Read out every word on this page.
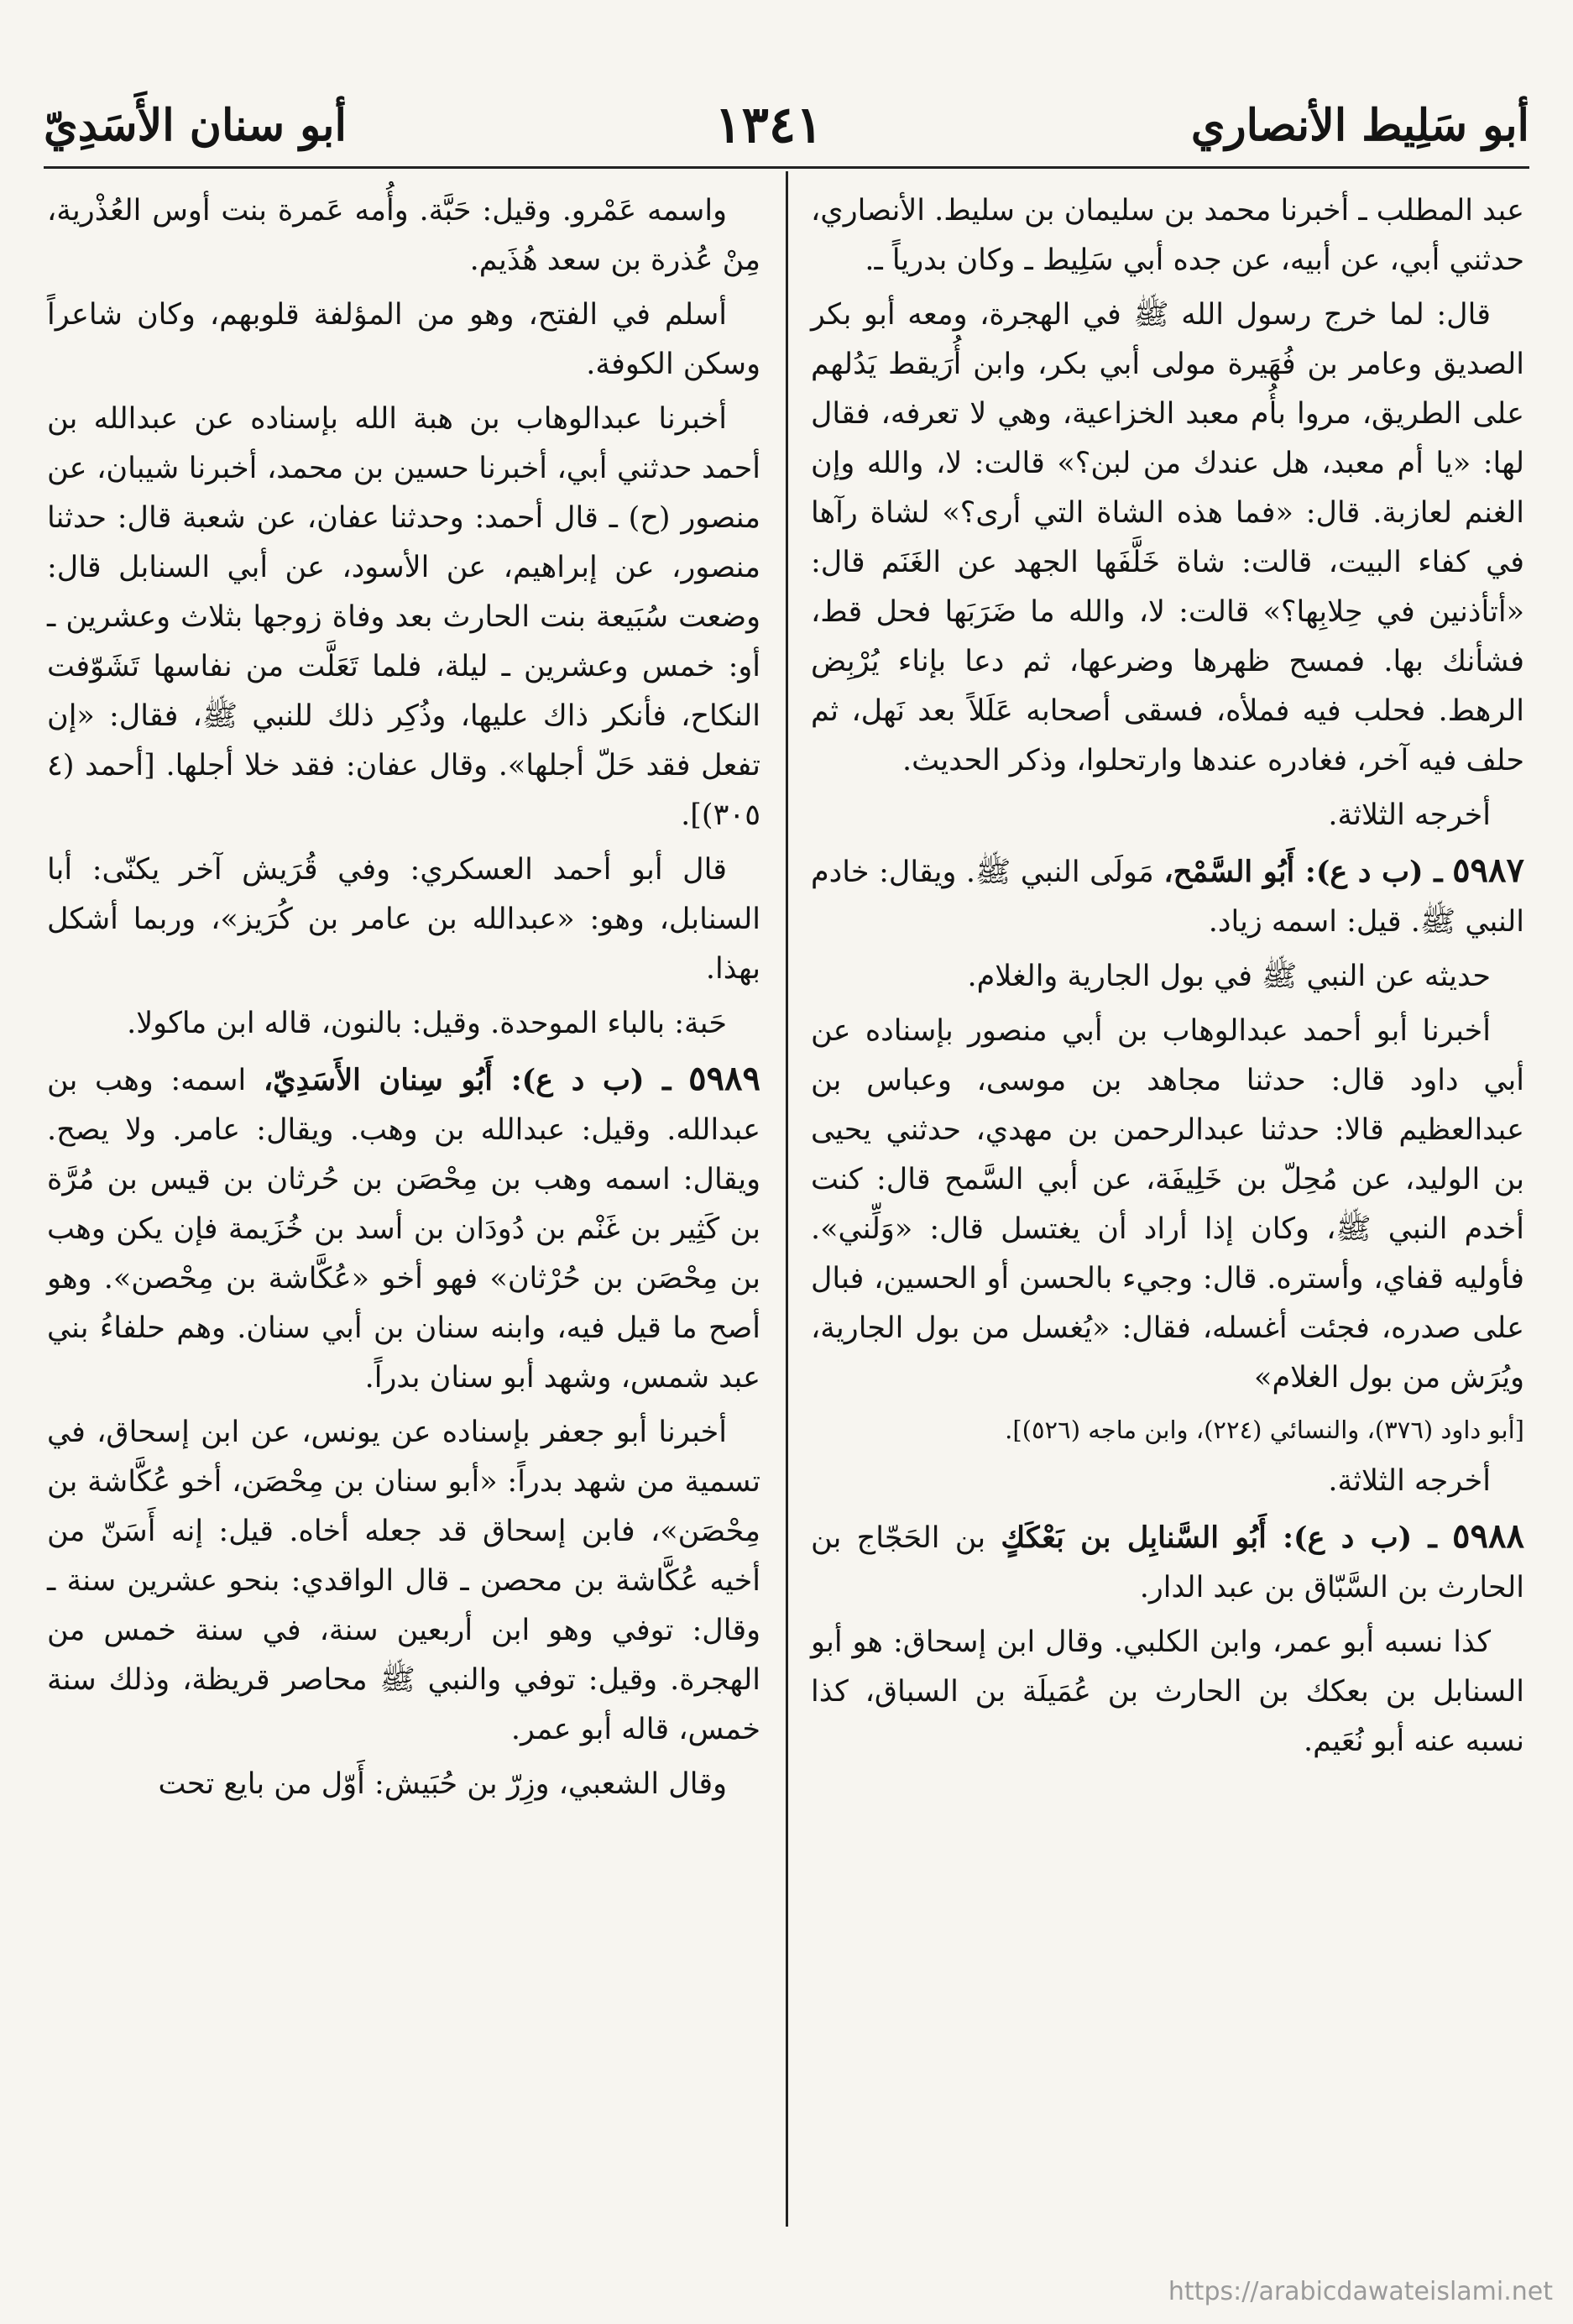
أبو سَلِيط الأنصاري
١٣٤١
أبو سنان الأَسَدِيّ

عبد المطلب ـ أخبرنا محمد بن سليمان بن سليط. الأنصاري، حدثني أبي، عن أبيه، عن جده أبي سَلِيط ـ وكان بدرياً ـ.

قال: لما خرج رسول الله ﷺ في الهجرة، ومعه أبو بكر الصديق وعامر بن فُهَيرة مولى أبي بكر، وابن أُرَيقط يَدُلهم على الطريق، مروا بأُم معبد الخزاعية، وهي لا تعرفه، فقال لها: «يا أم معبد، هل عندك من لبن؟» قالت: لا، والله وإن الغنم لعازبة. قال: «فما هذه الشاة التي أرى؟» لشاة رآها في كفاء البيت، قالت: شاة خَلَّفَها الجهد عن الغَنَم قال: «أتأذنين في حِلابِها؟» قالت: لا، والله ما ضَرَبَها فحل قط، فشأنك بها. فمسح ظهرها وضرعها، ثم دعا بإناء يُرْبِض الرهط. فحلب فيه فملأه، فسقى أصحابه عَلَلاً بعد نَهل، ثم حلف فيه آخر، فغادره عندها وارتحلوا، وذكر الحديث.

أخرجه الثلاثة.

٥٩٨٧ ـ (ب د ع): أَبُو السَّمْح، مَولَى النبي ﷺ. ويقال: خادم النبي ﷺ. قيل: اسمه زياد.

حديثه عن النبي ﷺ في بول الجارية والغلام.

أخبرنا أبو أحمد عبدالوهاب بن أبي منصور بإسناده عن أبي داود قال: حدثنا مجاهد بن موسى، وعباس بن عبدالعظيم قالا: حدثنا عبدالرحمن بن مهدي، حدثني يحيى بن الوليد، عن مُحِلّ بن خَلِيفَة، عن أبي السَّمح قال: كنت أخدم النبي ﷺ، وكان إذا أراد أن يغتسل قال: «وَلِّني». فأوليه قفاي، وأستره. قال: وجيء بالحسن أو الحسين، فبال على صدره، فجئت أغسله، فقال: «يُغسل من بول الجارية، ويُرَش من بول الغلام»

[أبو داود (٣٧٦)، والنسائي (٢٢٤)، وابن ماجه (٥٢٦)].

أخرجه الثلاثة.

٥٩٨٨ ـ (ب د ع): أَبُو السَّنابِل بن بَعْكَكٍ بن الحَجّاج بن الحارث بن السَّبّاق بن عبد الدار.

كذا نسبه أبو عمر، وابن الكلبي. وقال ابن إسحاق: هو أبو السنابل بن بعكك بن الحارث بن عُمَيلَة بن السباق، كذا نسبه عنه أبو نُعَيم.

واسمه عَمْرو. وقيل: حَبَّة. وأُمه عَمرة بنت أوس العُذْرية، مِنْ عُذرة بن سعد هُذَيم.

أسلم في الفتح، وهو من المؤلفة قلوبهم، وكان شاعراً وسكن الكوفة.

أخبرنا عبدالوهاب بن هبة الله بإسناده عن عبدالله بن أحمد حدثني أبي، أخبرنا حسين بن محمد، أخبرنا شيبان، عن منصور (ح) ـ قال أحمد: وحدثنا عفان، عن شعبة قال: حدثنا منصور، عن إبراهيم، عن الأسود، عن أبي السنابل قال: وضعت سُبَيعة بنت الحارث بعد وفاة زوجها بثلاث وعشرين ـ أو: خمس وعشرين ـ ليلة، فلما تَعَلَّت من نفاسها تَشَوّفت النكاح، فأنكر ذاك عليها، وذُكِر ذلك للنبي ﷺ، فقال: «إن تفعل فقد حَلّ أجلها». وقال عفان: فقد خلا أجلها. [أحمد (٤ ٣٠٥)].

قال أبو أحمد العسكري: وفي قُرَيش آخر يكنّى: أبا السنابل، وهو: «عبدالله بن عامر بن كُرَيز»، وربما أشكل بهذا.

حَبة: بالباء الموحدة. وقيل: بالنون، قاله ابن ماكولا.

٥٩٨٩ ـ (ب د ع): أَبُو سِنان الأَسَدِيّ، اسمه: وهب بن عبدالله. وقيل: عبدالله بن وهب. ويقال: عامر. ولا يصح. ويقال: اسمه وهب بن مِحْصَن بن حُرثان بن قيس بن مُرَّة بن كَثِير بن غَنْم بن دُودَان بن أسد بن خُزَيمة فإن يكن وهب بن مِحْصَن بن حُرْثان» فهو أخو «عُكَّاشة بن مِحْصن». وهو أصح ما قيل فيه، وابنه سنان بن أبي سنان. وهم حلفاءُ بني عبد شمس، وشهد أبو سنان بدراً.

أخبرنا أبو جعفر بإسناده عن يونس، عن ابن إسحاق، في تسمية من شهد بدراً: «أبو سنان بن مِحْصَن، أخو عُكَّاشة بن مِحْصَن»، فابن إسحاق قد جعله أخاه. قيل: إنه أَسَنّ من أخيه عُكَّاشة بن محصن ـ قال الواقدي: بنحو عشرين سنة ـ وقال: توفي وهو ابن أربعين سنة، في سنة خمس من الهجرة. وقيل: توفي والنبي ﷺ محاصر قريظة، وذلك سنة خمس، قاله أبو عمر.

وقال الشعبي، وزِرّ بن حُبَيش: أَوّل من بايع تحت

https://arabicdawateislami.net
